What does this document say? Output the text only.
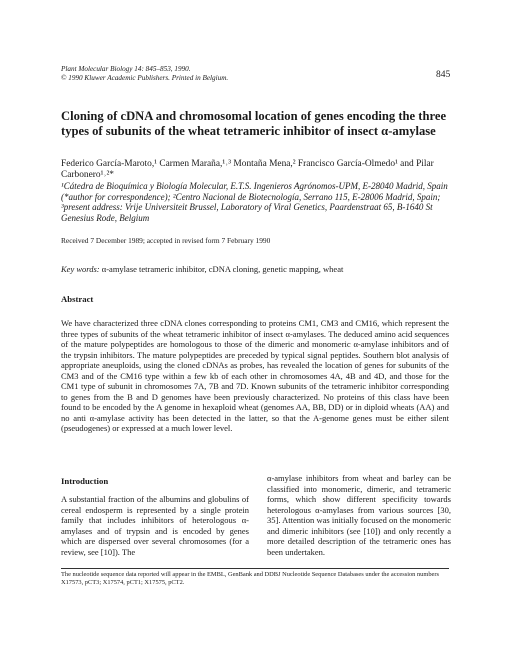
Plant Molecular Biology 14: 845–853, 1990.
© 1990 Kluwer Academic Publishers. Printed in Belgium.	845
Cloning of cDNA and chromosomal location of genes encoding the three types of subunits of the wheat tetrameric inhibitor of insect α-amylase
Federico García-Maroto,¹ Carmen Maraña,¹˒³ Montaña Mena,² Francisco García-Olmedo¹ and Pilar Carbonero¹˒²*
¹Cátedra de Bioquímica y Biología Molecular, E.T.S. Ingenieros Agrónomos-UPM, E-28040 Madrid, Spain (*author for correspondence); ²Centro Nacional de Biotecnología, Serrano 115, E-28006 Madrid, Spain; ³present address: Vrije Universiteit Brussel, Laboratory of Viral Genetics, Paardenstraat 65, B-1640 St Genesius Rode, Belgium
Received 7 December 1989; accepted in revised form 7 February 1990
Key words: α-amylase tetrameric inhibitor, cDNA cloning, genetic mapping, wheat
Abstract

We have characterized three cDNA clones corresponding to proteins CM1, CM3 and CM16, which represent the three types of subunits of the wheat tetrameric inhibitor of insect α-amylases. The deduced amino acid sequences of the mature polypeptides are homologous to those of the dimeric and monomeric α-amylase inhibitors and of the trypsin inhibitors. The mature polypeptides are preceded by typical signal peptides. Southern blot analysis of appropriate aneuploids, using the cloned cDNAs as probes, has revealed the location of genes for subunits of the CM3 and of the CM16 type within a few kb of each other in chromosomes 4A, 4B and 4D, and those for the CM1 type of subunit in chromosomes 7A, 7B and 7D. Known subunits of the tetrameric inhibitor corresponding to genes from the B and D genomes have been previously characterized. No proteins of this class have been found to be encoded by the A genome in hexaploid wheat (genomes AA, BB, DD) or in diploid wheats (AA) and no anti α-amylase activity has been detected in the latter, so that the A-genome genes must be either silent (pseudogenes) or expressed at a much lower level.

Introduction

A substantial fraction of the albumins and globulins of cereal endosperm is represented by a single protein family that includes inhibitors of heterologous α-amylases and of trypsin and is encoded by genes which are dispersed over several chromosomes (for a review, see [10]). The

α-amylase inhibitors from wheat and barley can be classified into monomeric, dimeric, and tetrameric forms, which show different specificity towards heterologous α-amylases from various sources [30, 35]. Attention was initially focused on the monomeric and dimeric inhibitors (see [10]) and only recently a more detailed description of the tetrameric ones has been undertaken.

The nucleotide sequence data reported will appear in the EMBL, GenBank and DDBJ Nucleotide Sequence Databases under the accession numbers X17573, pCT3; X17574, pCT1; X17575, pCT2.
